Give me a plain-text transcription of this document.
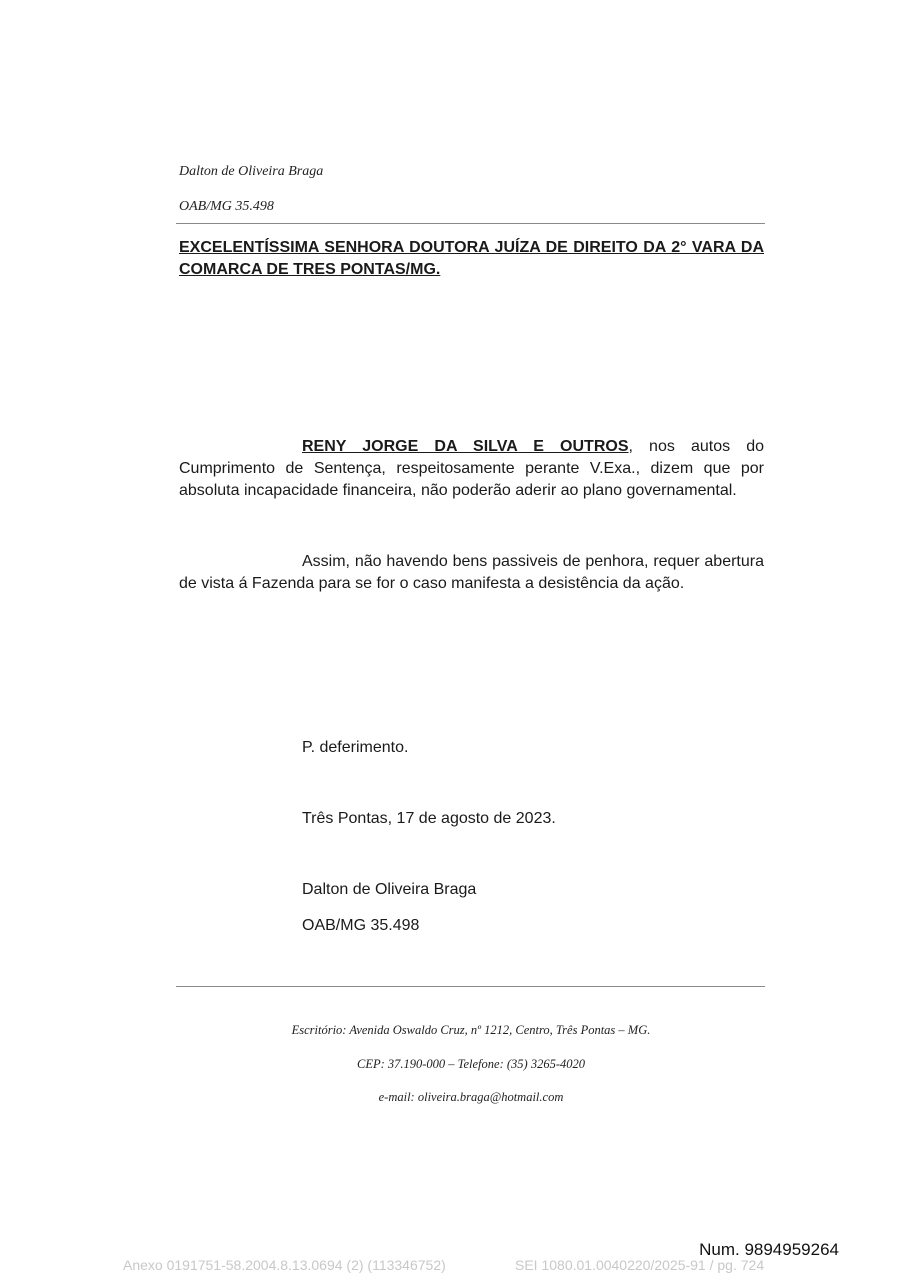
Dalton de Oliveira Braga
OAB/MG 35.498
EXCELENTÍSSIMA SENHORA DOUTORA JUÍZA DE DIREITO DA 2° VARA DA COMARCA DE TRES PONTAS/MG.
RENY JORGE DA SILVA E OUTROS, nos autos do Cumprimento de Sentença, respeitosamente perante V.Exa., dizem que por absoluta incapacidade financeira, não poderão aderir ao plano governamental.
Assim, não havendo bens passiveis de penhora, requer abertura de vista á Fazenda para se for o caso manifesta a desistência da ação.
P. deferimento.
Três Pontas, 17 de agosto de 2023.
Dalton de Oliveira Braga
OAB/MG 35.498
Escritório: Avenida Oswaldo Cruz, nº 1212, Centro, Três Pontas – MG.
CEP: 37.190-000 – Telefone: (35) 3265-4020
e-mail: oliveira.braga@hotmail.com
Num. 9894959264
Anexo 0191751-58.2004.8.13.0694 (2) (113346752)	SEI 1080.01.0040220/2025-91 / pg. 724
